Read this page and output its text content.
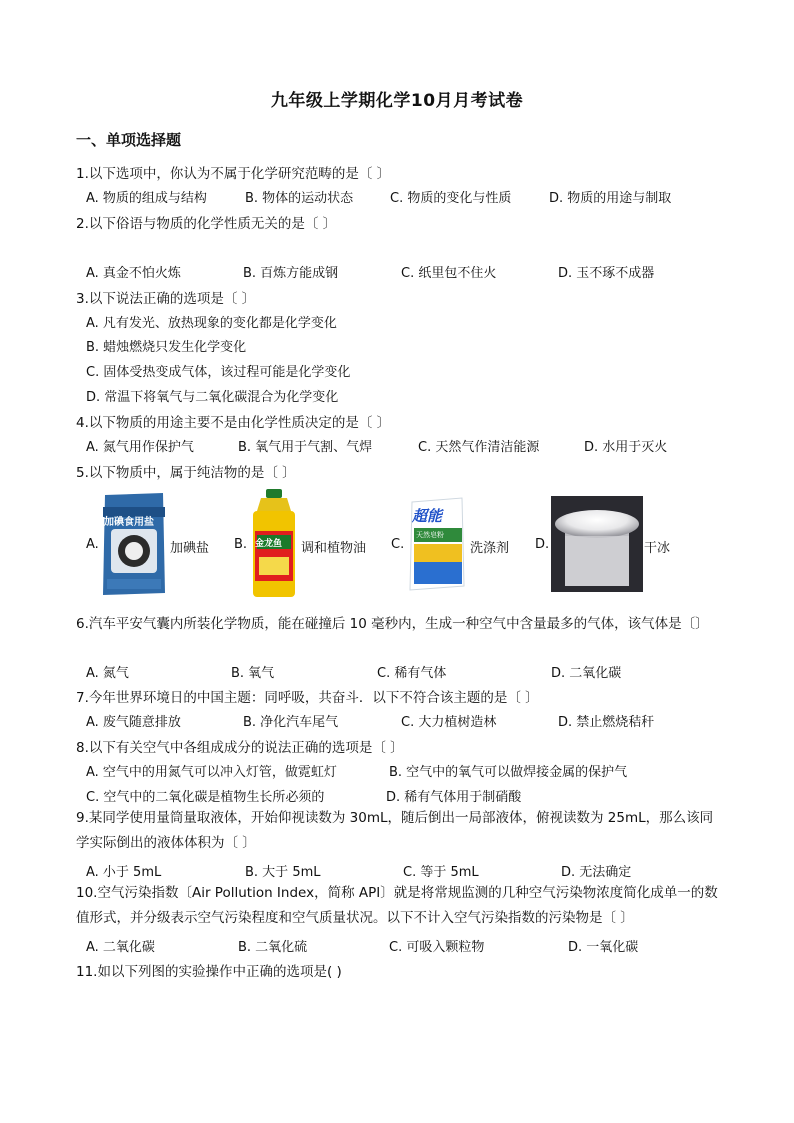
九年级上学期化学10月月考试卷
一、单项选择题
1.以下选项中，你认为不属于化学研究范畴的是〔 〕
A. 物质的组成与结构	B. 物体的运动状态	C. 物质的变化与性质	D. 物质的用途与制取
2.以下俗语与物质的化学性质无关的是〔 〕
A. 真金不怕火炼	B. 百炼方能成钢	C. 纸里包不住火	D. 玉不琢不成器
3.以下说法正确的选项是〔 〕
A. 凡有发光、放热现象的变化都是化学变化
B. 蜡烛燃烧只发生化学变化
C. 固体受热变成气体，该过程可能是化学变化
D. 常温下将氧气与二氧化碳混合为化学变化
4.以下物质的用途主要不是由化学性质决定的是〔 〕
A. 氮气用作保护气	B. 氧气用于气割、气焊	C. 天然气作清洁能源	D. 水用于灭火
5.以下物质中，属于纯洁物的是〔 〕
A.
加碘食用盐
加碘盐 B. 金龙鱼 调和植物油 C.
超能
天然皂粉
洗涤剂 D.	干冰
6.汽车平安气囊内所装化学物质，能在碰撞后 10 毫秒内，生成一种空气中含量最多的气体，该气体是〔〕
A. 氮气	B. 氧气	C. 稀有气体	D. 二氧化碳
7.今年世界环境日的中国主题：同呼吸，共奋斗．以下不符合该主题的是〔 〕
A. 废气随意排放	B. 净化汽车尾气	C. 大力植树造林	D. 禁止燃烧秸秆
8.以下有关空气中各组成成分的说法正确的选项是〔 〕
A. 空气中的用氮气可以冲入灯管，做霓虹灯	B. 空气中的氧气可以做焊接金属的保护气
C. 空气中的二氧化碳是植物生长所必须的	D. 稀有气体用于制硝酸
9.某同学使用量筒量取液体，开始仰视读数为 30mL，随后倒出一局部液体，俯视读数为 25mL，那么该同学实际倒出的液体体积为〔 〕
A. 小于 5mL	B. 大于 5mL	C. 等于 5mL	D. 无法确定
10.空气污染指数〔Air Pollution Index，简称 API〕就是将常规监测的几种空气污染物浓度简化成单一的数值形式，并分级表示空气污染程度和空气质量状况。以下不计入空气污染指数的污染物是〔 〕
A. 二氧化碳	B. 二氧化硫	C. 可吸入颗粒物	D. 一氧化碳
11.如以下列图的实验操作中正确的选项是( )
